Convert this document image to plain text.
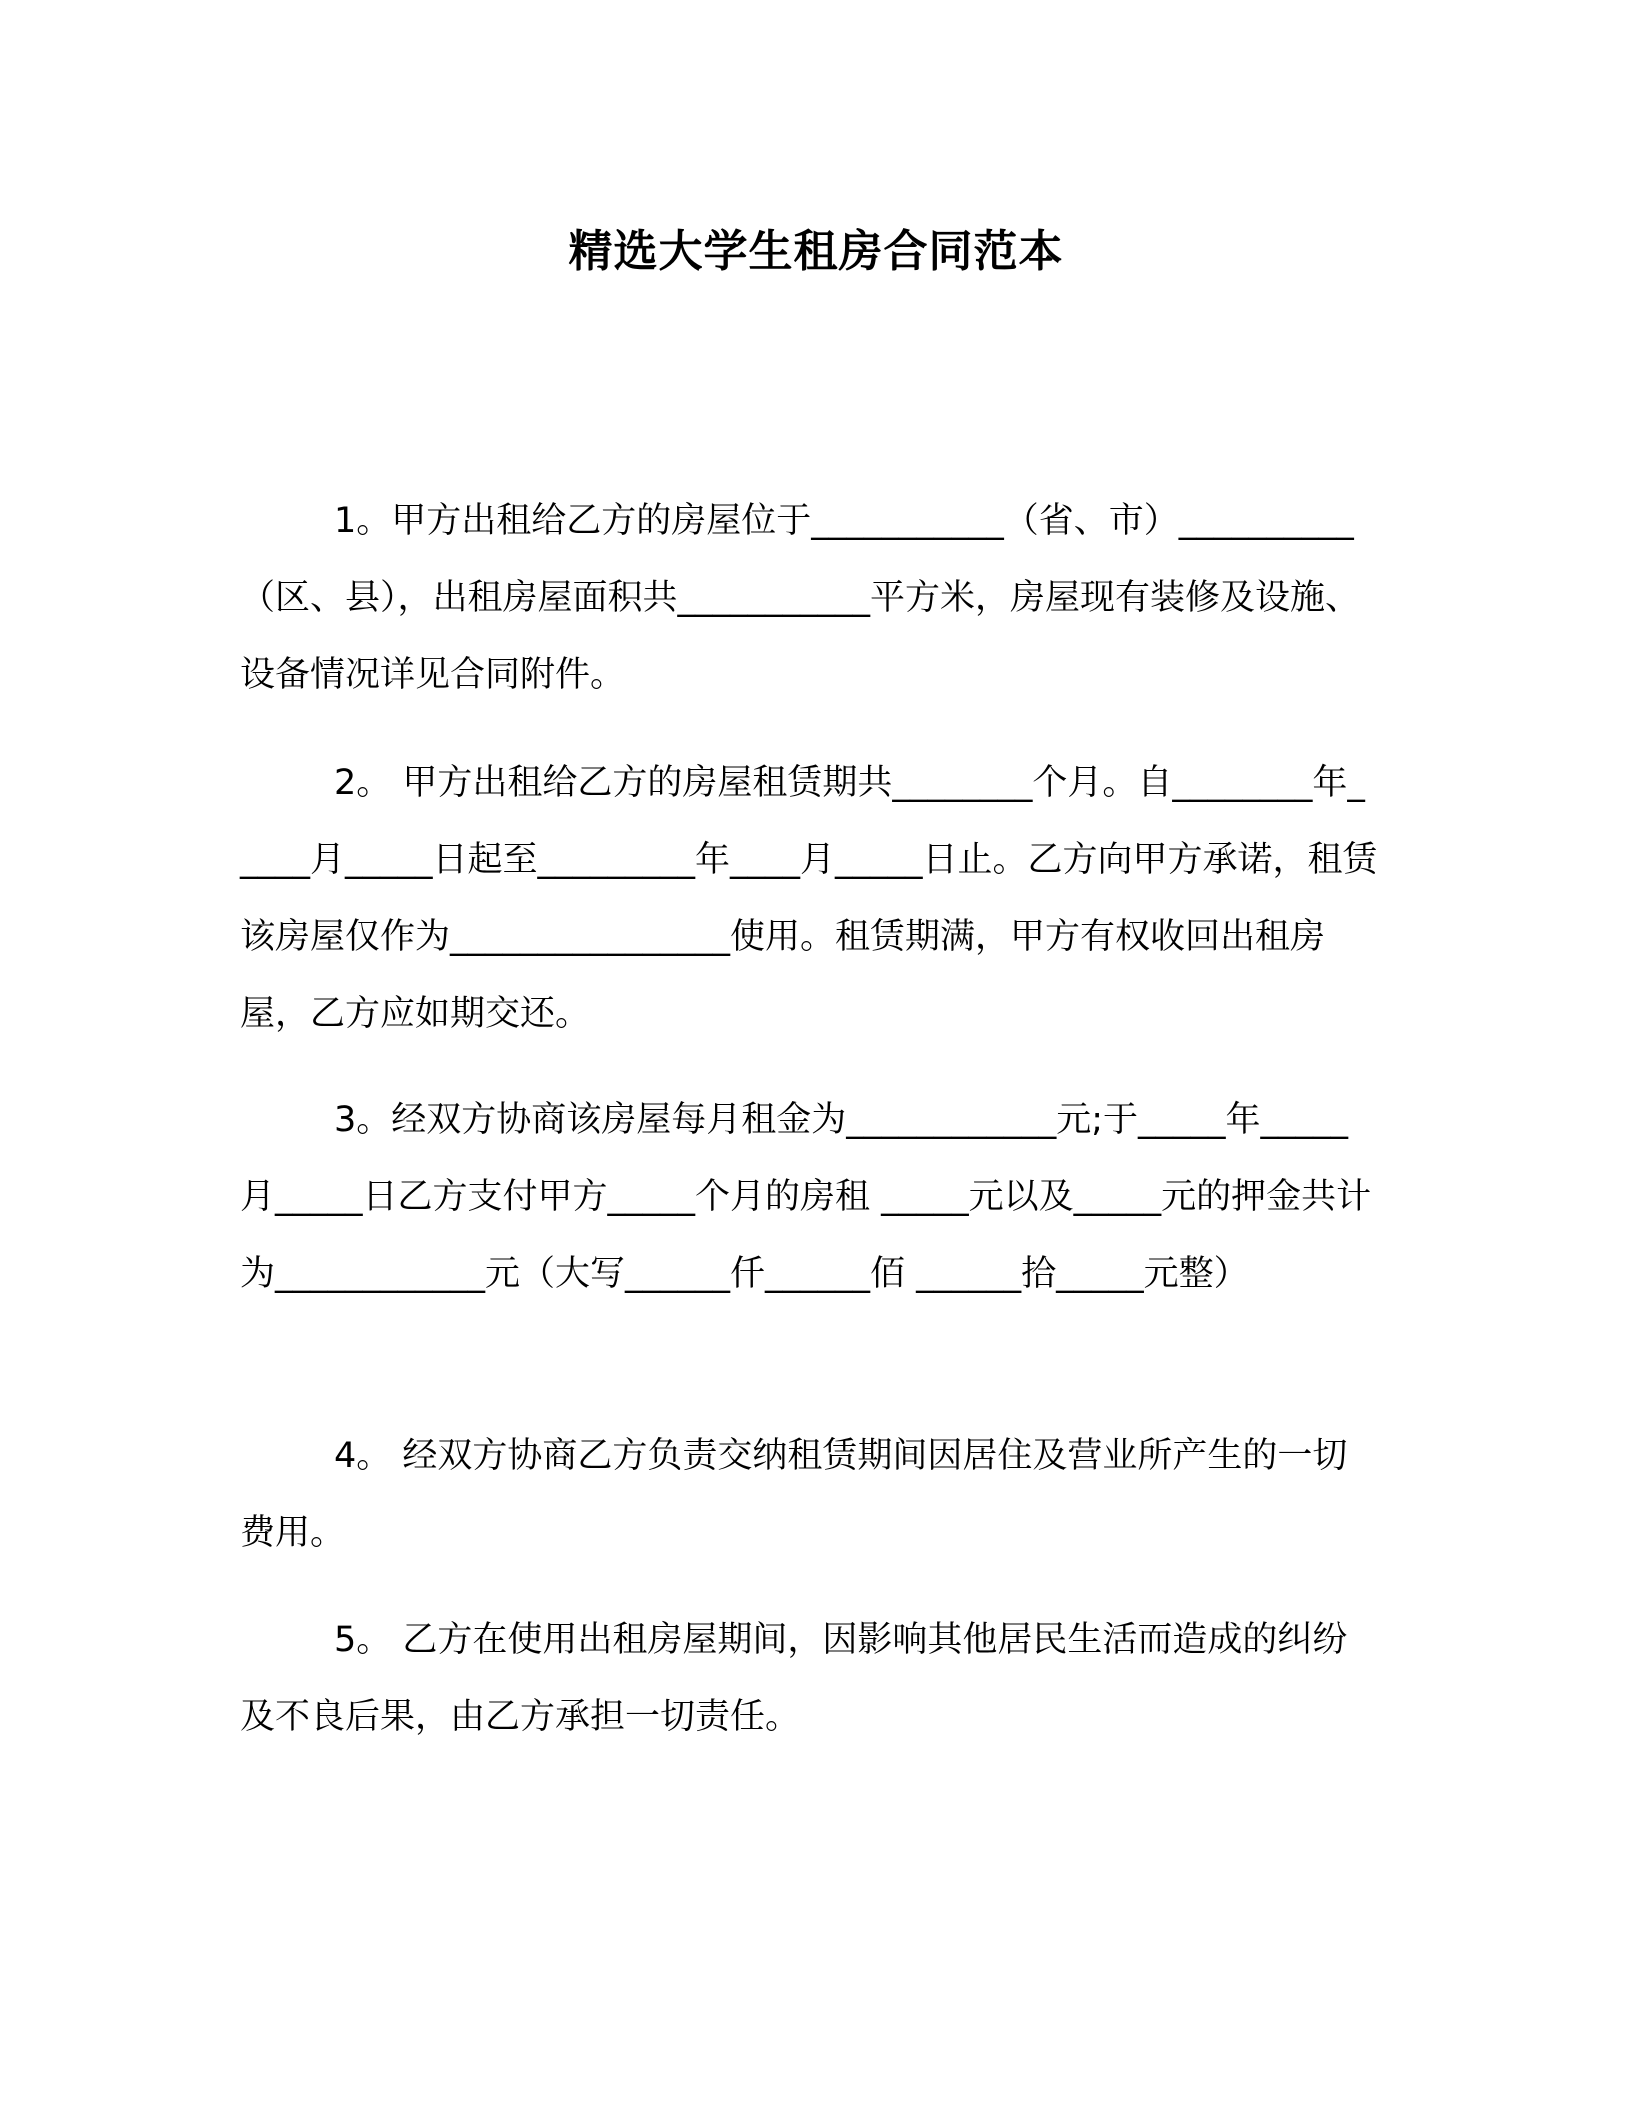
精选大学生租房合同范本

1。甲方出租给乙方的房屋位于___________（省、市）__________（区、县），出租房屋面积共___________平方米，房屋现有装修及设施、设备情况详见合同附件。

2。 甲方出租给乙方的房屋租赁期共________个月。自________年_____月_____日起至_________年____月_____日止。乙方向甲方承诺，租赁该房屋仅作为________________使用。租赁期满，甲方有权收回出租房屋，乙方应如期交还。

3。经双方协商该房屋每月租金为____________元;于_____年_____月_____日乙方支付甲方_____个月的房租 _____元以及_____元的押金共计为____________元（大写______仟______佰 ______拾_____元整）

4。 经双方协商乙方负责交纳租赁期间因居住及营业所产生的一切费用。

5。 乙方在使用出租房屋期间，因影响其他居民生活而造成的纠纷及不良后果，由乙方承担一切责任。
